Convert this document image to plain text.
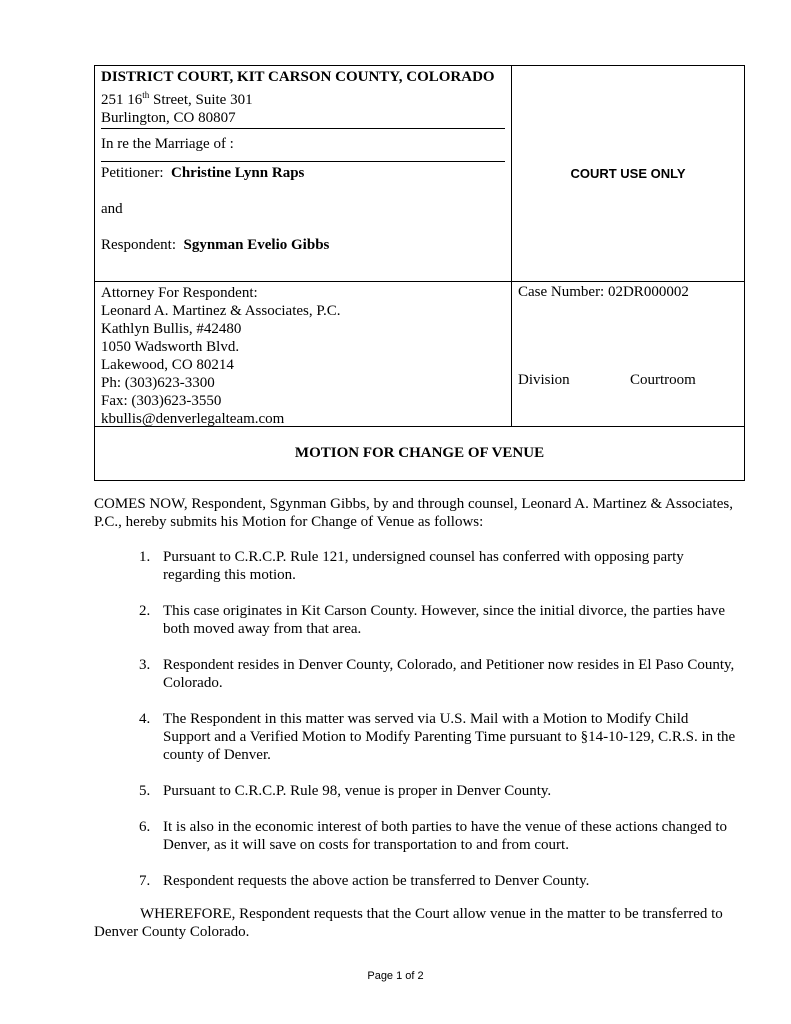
DISTRICT COURT, KIT CARSON COUNTY, COLORADO
251 16th Street, Suite 301
Burlington, CO 80807
In re the Marriage of :
Petitioner: Christine Lynn Raps
and
Respondent: Sgynman Evelio Gibbs
COURT USE ONLY
Attorney For Respondent:
Leonard A. Martinez & Associates, P.C.
Kathlyn Bullis, #42480
1050 Wadsworth Blvd.
Lakewood, CO 80214
Ph: (303)623-3300
Fax: (303)623-3550
kbullis@denverlegalteam.com
Case Number: 02DR000002
Division	Courtroom
MOTION FOR CHANGE OF VENUE
COMES NOW, Respondent, Sgynman Gibbs, by and through counsel, Leonard A. Martinez & Associates, P.C., hereby submits his Motion for Change of Venue as follows:
1. Pursuant to C.R.C.P. Rule 121, undersigned counsel has conferred with opposing party regarding this motion.
2. This case originates in Kit Carson County. However, since the initial divorce, the parties have both moved away from that area.
3. Respondent resides in Denver County, Colorado, and Petitioner now resides in El Paso County, Colorado.
4. The Respondent in this matter was served via U.S. Mail with a Motion to Modify Child Support and a Verified Motion to Modify Parenting Time pursuant to §14-10-129, C.R.S. in the county of Denver.
5. Pursuant to C.R.C.P. Rule 98, venue is proper in Denver County.
6. It is also in the economic interest of both parties to have the venue of these actions changed to Denver, as it will save on costs for transportation to and from court.
7. Respondent requests the above action be transferred to Denver County.
WHEREFORE, Respondent requests that the Court allow venue in the matter to be transferred to Denver County Colorado.
Page 1 of 2
